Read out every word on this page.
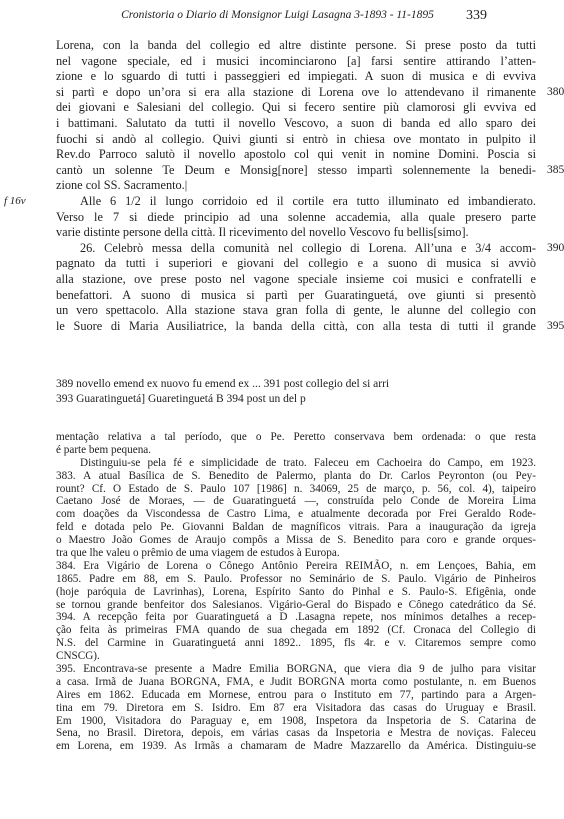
Cronistoria o Diario di Monsignor Luigi Lasagna 3-1893 - 11-1895	339
Lorena, con la banda del collegio ed altre distinte persone. Si prese posto da tutti
nel vagone speciale, ed i musici incominciarono [a] farsi sentire attirando l’atten-
zione e lo sguardo di tutti i passeggieri ed impiegati. A suon di musica e di evviva
si partì e dopo un’ora si era alla stazione di Lorena ove lo attendevano il rimanente 380
dei giovani e Salesiani del collegio. Qui si fecero sentire più clamorosi gli evviva ed
i battimani. Salutato da tutti il novello Vescovo, a suon di banda ed allo sparo dei
fuochi si andò al collegio. Quivi giunti si entrò in chiesa ove montato in pulpito il
Rev.do Parroco salutò il novello apostolo col qui venit in nomine Domini. Poscia si
cantò un solenne Te Deum e Monsig[nore] stesso impartì solennemente la benedi- 385
zione col SS. Sacramento.|
Alle 6 1/2 il lungo corridoio ed il cortile era tutto illuminato ed imbandierato.
f 16v
Verso le 7 si diede principio ad una solenne accademia, alla quale presero parte
varie distinte persone della città. Il ricevimento del novello Vescovo fu bellis[simo].
26. Celebrò messa della comunità nel collegio di Lorena. All’una e 3/4 accom- 390
pagnato da tutti i superiori e giovani del collegio e a suono di musica si avviò
alla stazione, ove prese posto nel vagone speciale insieme coi musici e confratelli e
benefattori. A suono di musica si partì per Guaratinguetá, ove giunti si presentò
un vero spettacolo. Alla stazione stava gran folla di gente, le alunne del collegio con
le Suore di Maria Ausiliatrice, la banda della città, con alla testa di tutti il grande 395
389 novello emend ex nuovo fu emend ex ... 391 post collegio del si arri
393 Guaratinguetá] Guaretinguetá B 394 post un del p
mentação relativa a tal período, que o Pe. Peretto conservava bem ordenada: o que resta
é parte bem pequena.
Distinguiu-se pela fé e simplicidade de trato. Faleceu em Cachoeira do Campo, em 1923.
383. A atual Basílica de S. Benedito de Palermo, planta do Dr. Carlos Peyronton (ou Pey-
rount? Cf. O Estado de S. Paulo 107 [1986] n. 34069, 25 de março, p. 56, col. 4), taipeiro
Caetano José de Moraes, — de Guaratinguetá —, construída pelo Conde de Moreira Lima
com doações da Viscondessa de Castro Lima, e atualmente decorada por Frei Geraldo Rode-
feld e dotada pelo Pe. Giovanni Baldan de magníficos vitrais. Para a inauguração da igreja
o Maestro João Gomes de Araujo compôs a Missa de S. Benedito para coro e grande orques-
tra que lhe valeu o prêmio de uma viagem de estudos à Europa.
384. Era Vigário de Lorena o Cônego Antônio Pereira REIMÃO, n. em Lençoes, Bahia, em
1865. Padre em 88, em S. Paulo. Professor no Seminário de S. Paulo. Vigário de Pinheiros
(hoje paróquia de Lavrinhas), Lorena, Espírito Santo do Pinhal e S. Paulo-S. Efigênia, onde
se tornou grande benfeitor dos Salesianos. Vigário-Geral do Bispado e Cônego catedrático da Sé.
394. A recepção feita por Guaratinguetá a D .Lasagna repete, nos mínimos detalhes a recep-
ção feita às primeiras FMA quando de sua chegada em 1892 (Cf. Cronaca del Collegio di
N.S. del Carmine in Guaratinguetá anni 1892.. 1895, fls 4r. e v. Citaremos sempre como
CNSCG).
395. Encontrava-se presente a Madre Emilia BORGNA, que viera dia 9 de julho para visitar
a casa. Irmã de Juana BORGNA, FMA, e Judit BORGNA morta como postulante, n. em Buenos
Aires em 1862. Educada em Mornese, entrou para o Instituto em 77, partindo para a Argen-
tina em 79. Diretora em S. Isidro. Em 87 era Visitadora das casas do Uruguay e Brasil.
Em 1900, Visitadora do Paraguay e, em 1908, Inspetora da Inspetoria de S. Catarina de
Sena, no Brasil. Diretora, depois, em várias casas da Inspetoria e Mestra de noviças. Faleceu
em Lorena, em 1939. As Irmãs a chamaram de Madre Mazzarello da América. Distinguiu-se
